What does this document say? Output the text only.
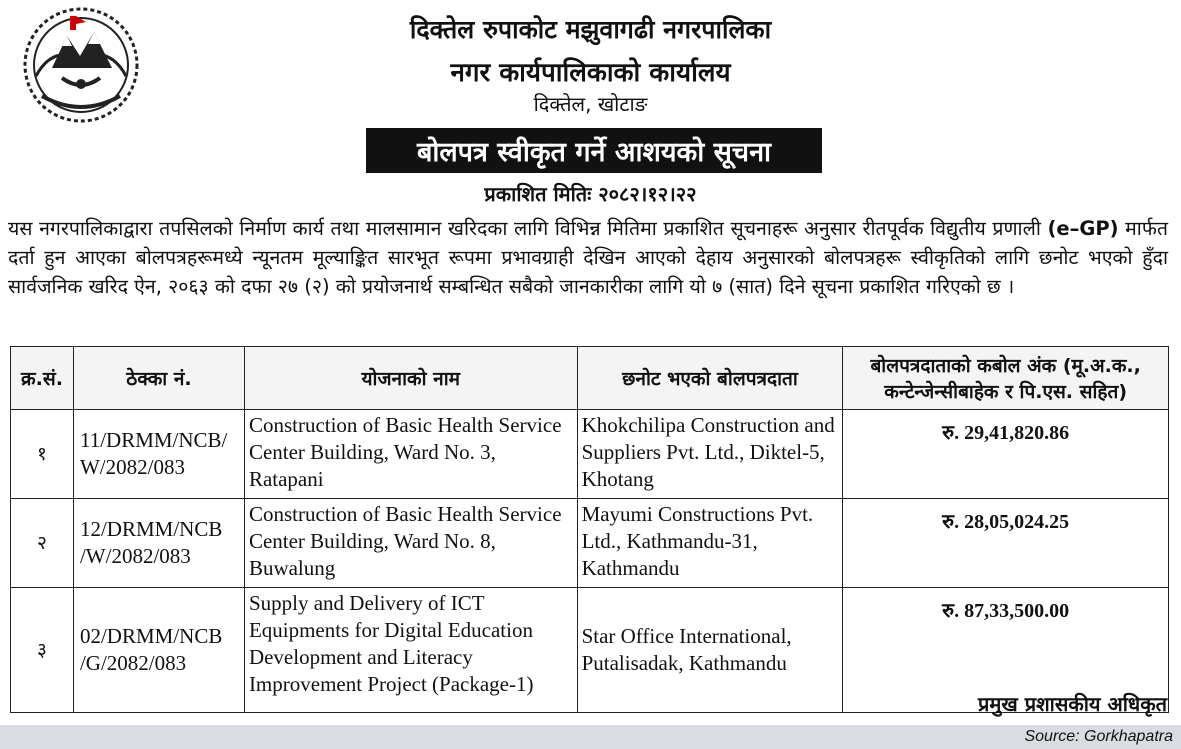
दिक्तेल रुपाकोट मझुवागढी नगरपालिका
नगर कार्यपालिकाको कार्यालय
दिक्तेल, खोटाङ
बोलपत्र स्वीकृत गर्ने आशयको सूचना
प्रकाशित मितिः २०८२।१२।२२
यस नगरपालिकाद्वारा तपसिलको निर्माण कार्य तथा मालसामान खरिदका लागि विभिन्न मितिमा प्रकाशित सूचनाहरू अनुसार रीतपूर्वक विद्युतीय प्रणाली (e–GP) मार्फत दर्ता हुन आएका बोलपत्रहरूमध्ये न्यूनतम मूल्याङ्कित सारभूत रूपमा प्रभावग्राही देखिन आएको देहाय अनुसारको बोलपत्रहरू स्वीकृतिको लागि छनोट भएको हुँदा सार्वजनिक खरिद ऐन, २०६३ को दफा २७ (२) को प्रयोजनार्थ सम्बन्धित सबैको जानकारीका लागि यो ७ (सात) दिने सूचना प्रकाशित गरिएको छ ।
क्र.सं.	ठेक्का नं.	योजनाको नाम	छनोट भएको बोलपत्रदाता	बोलपत्रदाताको कबोल अंक (मू.अ.क.,
कन्टेन्जेन्सीबाहेक र पि.एस. सहित)

१	11/DRMM/NCB/ W/2082/083	Construction of Basic Health Service Center Building, Ward No. 3, Ratapani	Khokchilipa Construction and Suppliers Pvt. Ltd., Diktel-5, Khotang	रु. 29,41,820.86
२	12/DRMM/NCB /W/2082/083	Construction of Basic Health Service Center Building, Ward No. 8, Buwalung	Mayumi Constructions Pvt. Ltd., Kathmandu-31, Kathmandu	रु. 28,05,024.25
३	02/DRMM/NCB /G/2082/083	Supply and Delivery of ICT Equipments for Digital Education Development and Literacy Improvement Project (Package-1)	Star Office International, Putalisadak, Kathmandu	रु. 87,33,500.00
प्रमुख प्रशासकीय अधिकृत
Source: Gorkhapatra
